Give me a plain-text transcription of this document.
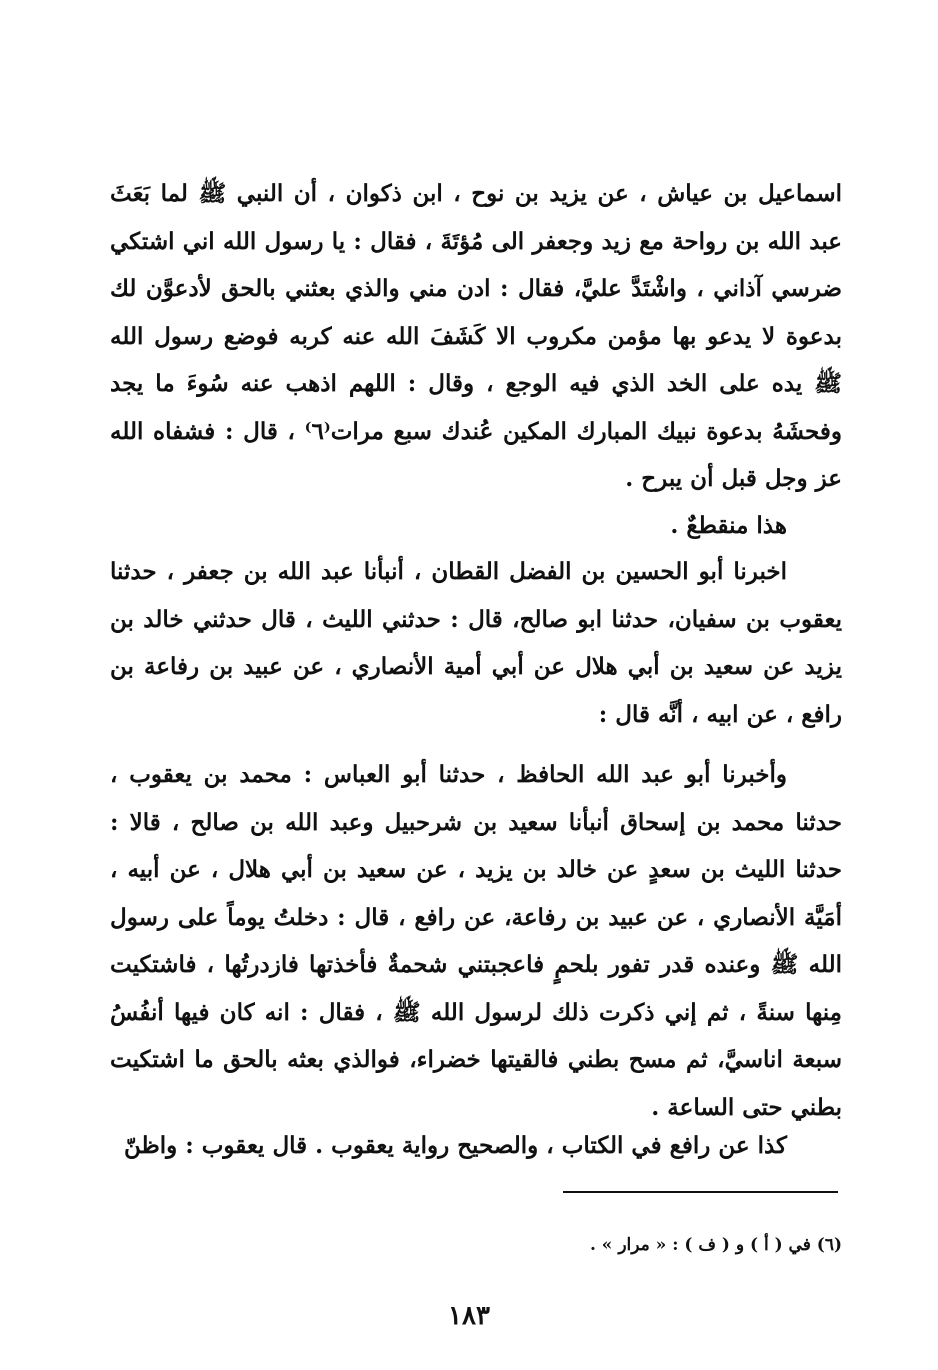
اسماعيل بن عياش ، عن يزيد بن نوح ، ابن ذكوان ، أن النبي ﷺ لما بَعَثَ عبد الله بن رواحة مع زيد وجعفر الى مُؤتَةَ ، فقال : يا رسول الله اني اشتكي ضرسي آذاني ، واشْتَدَّ عليَّ، فقال : ادن مني والذي بعثني بالحق لأدعوَّن لك بدعوة لا يدعو بها مؤمن مكروب الا كَشَفَ الله عنه كربه فوضع رسول الله ﷺ يده على الخد الذي فيه الوجع ، وقال : اللهم اذهب عنه سُوءَ ما يجد وفحشَهُ بدعوة نبيك المبارك المكين عُندك سبع مرات⁽٦⁾ ، قال : فشفاه الله عز وجل قبل أن يبرح .

هذا منقطعٌ .

اخبرنا أبو الحسين بن الفضل القطان ، أنبأنا عبد الله بن جعفر ، حدثنا يعقوب بن سفيان، حدثنا ابو صالح، قال : حدثني الليث ، قال حدثني خالد بن يزيد عن سعيد بن أبي هلال عن أبي أمية الأنصاري ، عن عبيد بن رفاعة بن رافع ، عن ابيه ، أنَّه قال :

وأخبرنا أبو عبد الله الحافظ ، حدثنا أبو العباس : محمد بن يعقوب ، حدثنا محمد بن إسحاق أنبأنا سعيد بن شرحبيل وعبد الله بن صالح ، قالا : حدثنا الليث بن سعدٍ عن خالد بن يزيد ، عن سعيد بن أبي هلال ، عن أبيه ، أمَيَّة الأنصاري ، عن عبيد بن رفاعة، عن رافع ، قال : دخلتُ يوماً على رسول الله ﷺ وعنده قدر تفور بلحمٍ فاعجبتني شحمةٌ فأخذتها فازدرتُها ، فاشتكيت مِنها سنةً ، ثم إني ذكرت ذلك لرسول الله ﷺ ، فقال : انه كان فيها أنفُسُ سبعة اناسيَّ، ثم مسح بطني فالقيتها خضراء، فوالذي بعثه بالحق ما اشتكيت بطني حتى الساعة .

كذا عن رافع في الكتاب ، والصحيح رواية يعقوب . قال يعقوب : واظنّ

(٦) في ( أ ) و ( ف ) : « مرار » .
١٨٣
